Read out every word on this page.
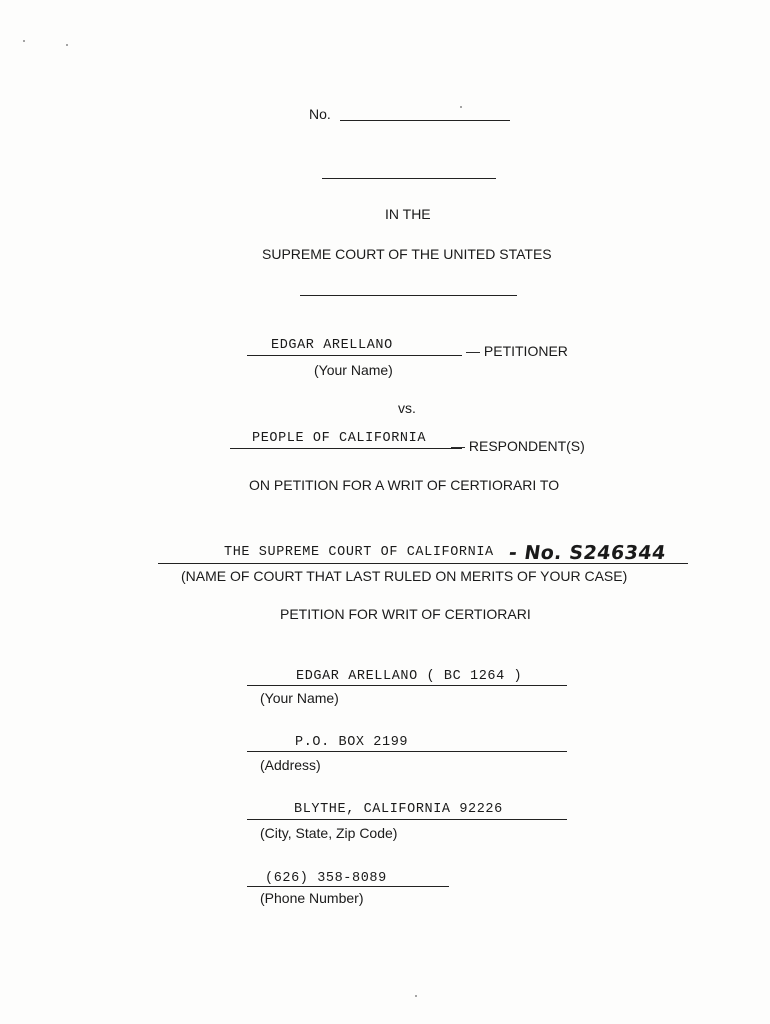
No.
IN THE
SUPREME COURT OF THE UNITED STATES
EDGAR ARELLANO	— PETITIONER
(Your Name)
vs.
PEOPLE OF CALIFORNIA — RESPONDENT(S)
ON PETITION FOR A WRIT OF CERTIORARI TO
THE SUPREME COURT OF CALIFORNIA - No. S246344
(NAME OF COURT THAT LAST RULED ON MERITS OF YOUR CASE)
PETITION FOR WRIT OF CERTIORARI
EDGAR ARELLANO ( BC 1264 )
(Your Name)
P.O. BOX 2199
(Address)
BLYTHE, CALIFORNIA 92226
(City, State, Zip Code)
(626) 358-8089
(Phone Number)
